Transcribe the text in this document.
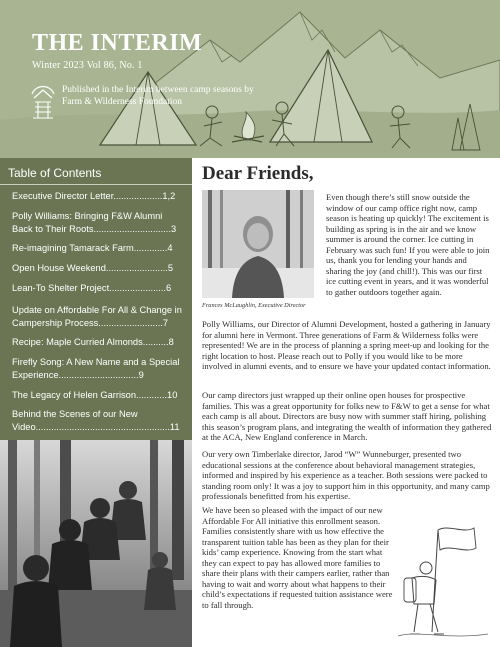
THE INTERIM
Winter 2023 Vol 86, No. 1
Published in the Interim between camp seasons by Farm & Wilderness Foundation
Table of Contents
Executive Director Letter...................1,2
Polly Williams: Bringing F&W Alumni Back to Their Roots..............................3
Re-imagining Tamarack Farm.............4
Open House Weekend........................5
Lean-To Shelter Project......................6
Update on Affordable For All & Change in Campership Process.........................7
Recipe: Maple Curried Almonds..........8
Firefly Song: A New Name and a Special Experience...............................9
The Legacy of Helen Garrison............10
Behind the Scenes of our New Video....................................................11
Dear Friends,
Frances McLaughlin, Executive Director
Even though there’s still snow outside the window of our camp office right now, camp season is heating up quickly! The excitement is building as spring is in the air and we know summer is around the corner. Ice cutting in February was such fun! If you were able to join us, thank you for lending your hands and sharing the joy (and chill!). This was our first ice cutting event in years, and it was wonderful to gather outdoors together again.
Polly Williams, our Director of Alumni Development, hosted a gathering in January for alumni here in Vermont. Three generations of Farm & Wilderness folks were represented! We are in the process of planning a spring meet-up and looking for the right location to host. Please reach out to Polly if you would like to be more involved in alumni events, and to ensure we have your updated contact information.
Our camp directors just wrapped up their online open houses for prospective families. This was a great opportunity for folks new to F&W to get a sense for what each camp is all about. Directors are busy now with summer staff hiring, polishing this season’s program plans, and integrating the wealth of information they gathered at the ACA, New England conference in March.
Our very own Timberlake director, Jarod “W” Wunneburger, presented two educational sessions at the conference about behavioral management strategies, informed and inspired by his experience as a teacher. Both sessions were packed to standing room only! It was a joy to support him in this opportunity, and many camp professionals benefitted from his expertise.
We have been so pleased with the impact of our new Affordable For All initiative this enrollment season. Families consistently share with us how effective the transparent tuition table has been as they plan for their kids’ camp experience. Knowing from the start what they can expect to pay has allowed more families to share their plans with their campers earlier, rather than having to wait and worry about what happens to their child’s expectations if requested tuition assistance were to fall through.
